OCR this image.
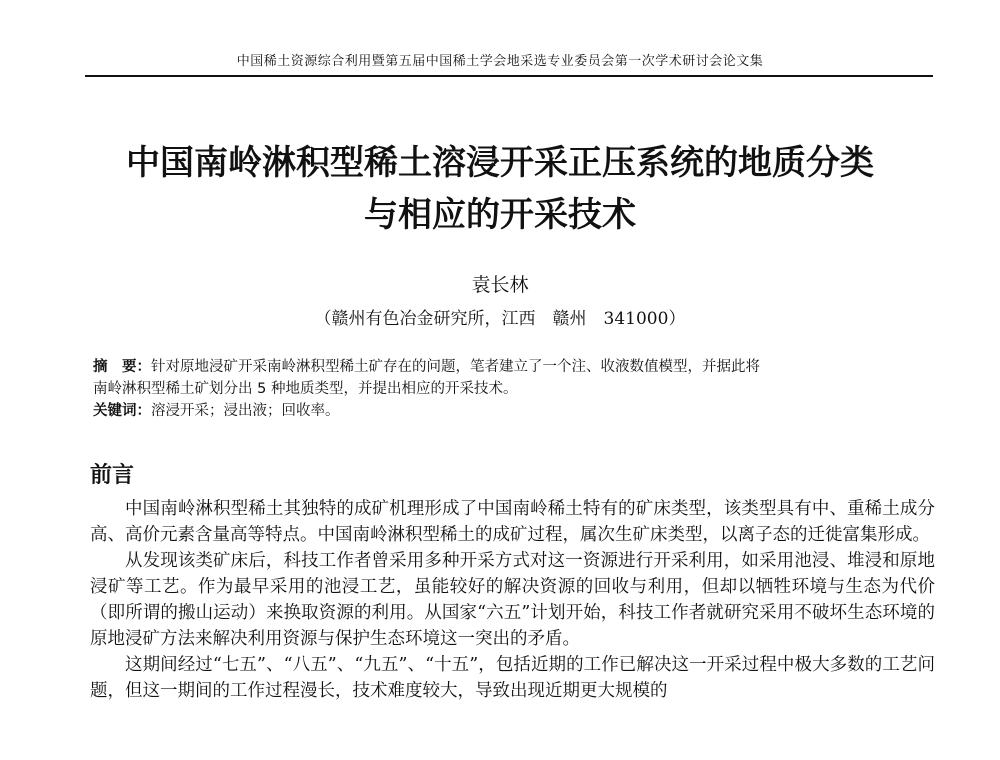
中国稀土资源综合利用暨第五届中国稀土学会地采选专业委员会第一次学术研讨会论文集
中国南岭淋积型稀土溶浸开采正压系统的地质分类
与相应的开采技术
袁长林
（赣州有色冶金研究所，江西　赣州　341000）
摘　要：针对原地浸矿开采南岭淋积型稀土矿存在的问题，笔者建立了一个注、收液数值模型，并据此将
南岭淋积型稀土矿划分出 5 种地质类型，并提出相应的开采技术。
关键词：溶浸开采；浸出液；回收率。
前言

中国南岭淋积型稀土其独特的成矿机理形成了中国南岭稀土特有的矿床类型，该类型具有中、重稀土成分高、高价元素含量高等特点。中国南岭淋积型稀土的成矿过程，属次生矿床类型，以离子态的迁徙富集形成。

从发现该类矿床后，科技工作者曾采用多种开采方式对这一资源进行开采利用，如采用池浸、堆浸和原地浸矿等工艺。作为最早采用的池浸工艺，虽能较好的解决资源的回收与利用，但却以牺牲环境与生态为代价（即所谓的搬山运动）来换取资源的利用。从国家“六五”计划开始，科技工作者就研究采用不破坏生态环境的原地浸矿方法来解决利用资源与保护生态环境这一突出的矛盾。

这期间经过“七五”、“八五”、“九五”、“十五”，包括近期的工作已解决这一开采过程中极大多数的工艺问题，但这一期间的工作过程漫长，技术难度较大，导致出现近期更大规模的
